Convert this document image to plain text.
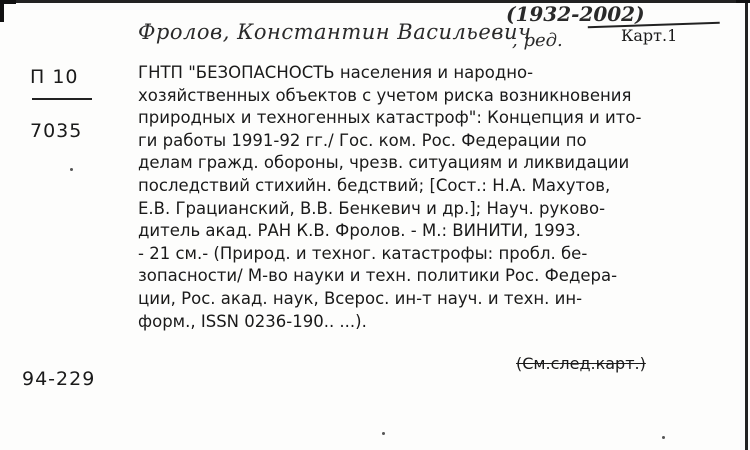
Фролов, Константин Васильевич
(1932-2002)
, ред.	Карт.1
П 10
7035
94-229
ГНТП "БЕЗОПАСНОСТЬ населения и народно-
хозяйственных объектов с учетом риска возникновения
природных и техногенных катастроф": Концепция и ито-
ги работы 1991-92 гг./ Гос. ком. Рос. Федерации по
делам гражд. обороны, чрезв. ситуациям и ликвидации
последствий стихийн. бедствий; [Сост.: Н.А. Махутов,
Е.В. Грацианский, В.В. Бенкевич и др.]; Науч. руково-
дитель акад. РАН К.В. Фролов. - М.: ВИНИТИ, 1993.
- 21 см.- (Природ. и техног. катастрофы: пробл. бе-
зопасности/ М-во науки и техн. политики Рос. Федера-
ции, Рос. акад. наук, Всерос. ин-т науч. и техн. ин-
форм., ISSN 0236-190.. ...).
(См.след.карт.)
